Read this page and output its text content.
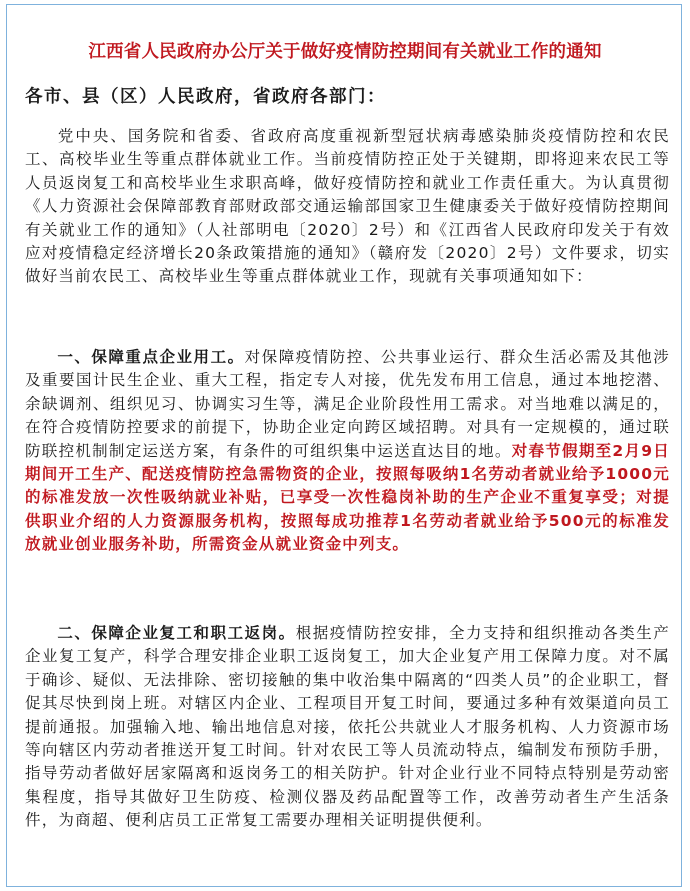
江西省人民政府办公厅关于做好疫情防控期间有关就业工作的通知
各市、县（区）人民政府，省政府各部门：

党中央、国务院和省委、省政府高度重视新型冠状病毒感染肺炎疫情防控和农民工、高校毕业生等重点群体就业工作。当前疫情防控正处于关键期，即将迎来农民工等人员返岗复工和高校毕业生求职高峰，做好疫情防控和就业工作责任重大。为认真贯彻《人力资源社会保障部教育部财政部交通运输部国家卫生健康委关于做好疫情防控期间有关就业工作的通知》（人社部明电〔2020〕2号）和《江西省人民政府印发关于有效应对疫情稳定经济增长20条政策措施的通知》（赣府发〔2020〕2号）文件要求，切实做好当前农民工、高校毕业生等重点群体就业工作，现就有关事项通知如下：

一、保障重点企业用工。对保障疫情防控、公共事业运行、群众生活必需及其他涉及重要国计民生企业、重大工程，指定专人对接，优先发布用工信息，通过本地挖潜、余缺调剂、组织见习、协调实习生等，满足企业阶段性用工需求。对当地难以满足的，在符合疫情防控要求的前提下，协助企业定向跨区域招聘。对具有一定规模的，通过联防联控机制制定运送方案，有条件的可组织集中运送直达目的地。对春节假期至2月9日期间开工生产、配送疫情防控急需物资的企业，按照每吸纳1名劳动者就业给予1000元的标准发放一次性吸纳就业补贴，已享受一次性稳岗补助的生产企业不重复享受；对提供职业介绍的人力资源服务机构，按照每成功推荐1名劳动者就业给予500元的标准发放就业创业服务补助，所需资金从就业资金中列支。

二、保障企业复工和职工返岗。根据疫情防控安排，全力支持和组织推动各类生产企业复工复产，科学合理安排企业职工返岗复工，加大企业复产用工保障力度。对不属于确诊、疑似、无法排除、密切接触的集中收治集中隔离的“四类人员”的企业职工，督促其尽快到岗上班。对辖区内企业、工程项目开复工时间，要通过多种有效渠道向员工提前通报。加强输入地、输出地信息对接，依托公共就业人才服务机构、人力资源市场等向辖区内劳动者推送开复工时间。针对农民工等人员流动特点，编制发布预防手册，指导劳动者做好居家隔离和返岗务工的相关防护。针对企业行业不同特点特别是劳动密集程度，指导其做好卫生防疫、检测仪器及药品配置等工作，改善劳动者生产生活条件，为商超、便利店员工正常复工需要办理相关证明提供便利。
